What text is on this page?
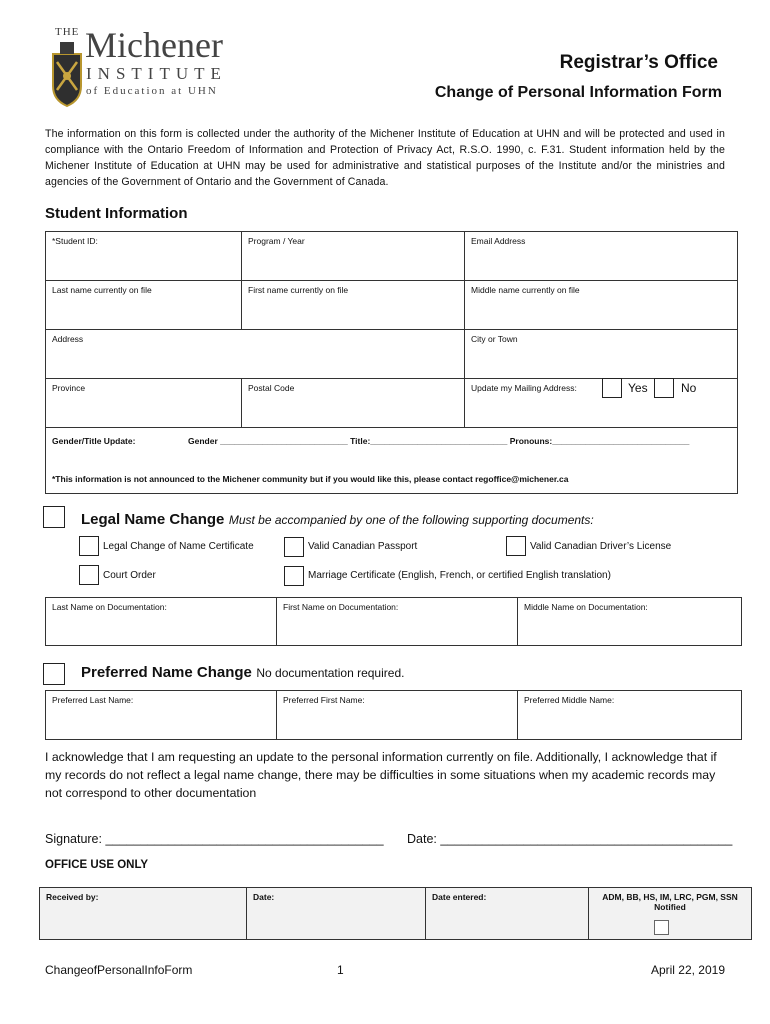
THE Michener
INSTITUTE
of Education at UHN
Registrar’s Office
Change of Personal Information Form
The information on this form is collected under the authority of the Michener Institute of Education at UHN and will be protected and used in compliance with the Ontario Freedom of Information and Protection of Privacy Act, R.S.O. 1990, c. F.31. Student information held by the Michener Institute of Education at UHN may be used for administrative and statistical purposes of the Institute and/or the ministries and agencies of the Government of Ontario and the Government of Canada.
Student Information
*Student ID:	Program / Year	Email Address
Last name currently on file	First name currently on file	Middle name currently on file
Address		City or Town
Province	Postal Code	Update my Mailing Address:	Yes	No
Gender/Title Update:	Gender ___________________________ Title:_____________________________ Pronouns:_____________________________
*This information is not announced to the Michener community but if you would like this, please contact regoffice@michener.ca
Legal Name Change Must be accompanied by one of the following supporting documents:
Legal Change of Name Certificate	Valid Canadian Passport	Valid Canadian Driver’s License
Court Order	Marriage Certificate (English, French, or certified English translation)
Last Name on Documentation:	First Name on Documentation:	Middle Name on Documentation:
Preferred Name Change No documentation required.
Preferred Last Name:	Preferred First Name:	Preferred Middle Name:
I acknowledge that I am requesting an update to the personal information currently on file. Additionally, I acknowledge that if my records do not reflect a legal name change, there may be difficulties in some situations when my academic records may not correspond to other documentation
Signature: ________________________________________ Date: __________________________________________
OFFICE USE ONLY
Received by:	Date:	Date entered:	ADM, BB, HS, IM, LRC, PGM, SSN
Notified
ChangeofPersonalInfoForm	1	April 22, 2019
